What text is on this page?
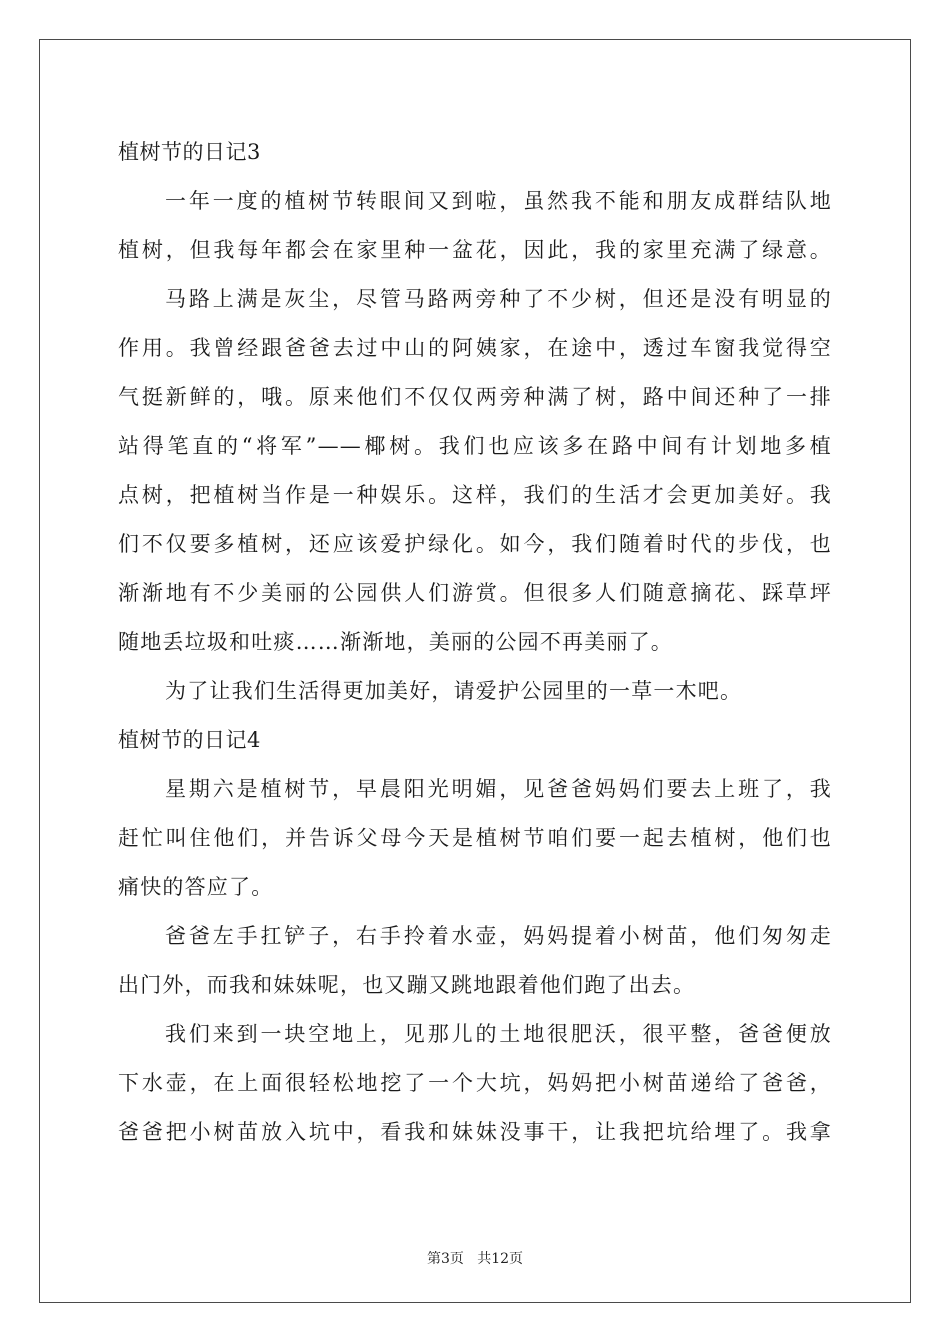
植树节的日记3
一年一度的植树节转眼间又到啦，虽然我不能和朋友成群结队地
植树，但我每年都会在家里种一盆花，因此，我的家里充满了绿意。
马路上满是灰尘，尽管马路两旁种了不少树，但还是没有明显的
作用。我曾经跟爸爸去过中山的阿姨家，在途中，透过车窗我觉得空
气挺新鲜的，哦。原来他们不仅仅两旁种满了树，路中间还种了一排
站得笔直的“将军”——椰树。我们也应该多在路中间有计划地多植
点树，把植树当作是一种娱乐。这样，我们的生活才会更加美好。我
们不仅要多植树，还应该爱护绿化。如今，我们随着时代的步伐，也
渐渐地有不少美丽的公园供人们游赏。但很多人们随意摘花、踩草坪
随地丢垃圾和吐痰……渐渐地，美丽的公园不再美丽了。
为了让我们生活得更加美好，请爱护公园里的一草一木吧。
植树节的日记4
星期六是植树节，早晨阳光明媚，见爸爸妈妈们要去上班了，我
赶忙叫住他们，并告诉父母今天是植树节咱们要一起去植树，他们也
痛快的答应了。
爸爸左手扛铲子，右手拎着水壶，妈妈提着小树苗，他们匆匆走
出门外，而我和妹妹呢，也又蹦又跳地跟着他们跑了出去。
我们来到一块空地上，见那儿的土地很肥沃，很平整，爸爸便放
下水壶，在上面很轻松地挖了一个大坑，妈妈把小树苗递给了爸爸，
爸爸把小树苗放入坑中，看我和妹妹没事干，让我把坑给埋了。我拿
第3页   共12页
